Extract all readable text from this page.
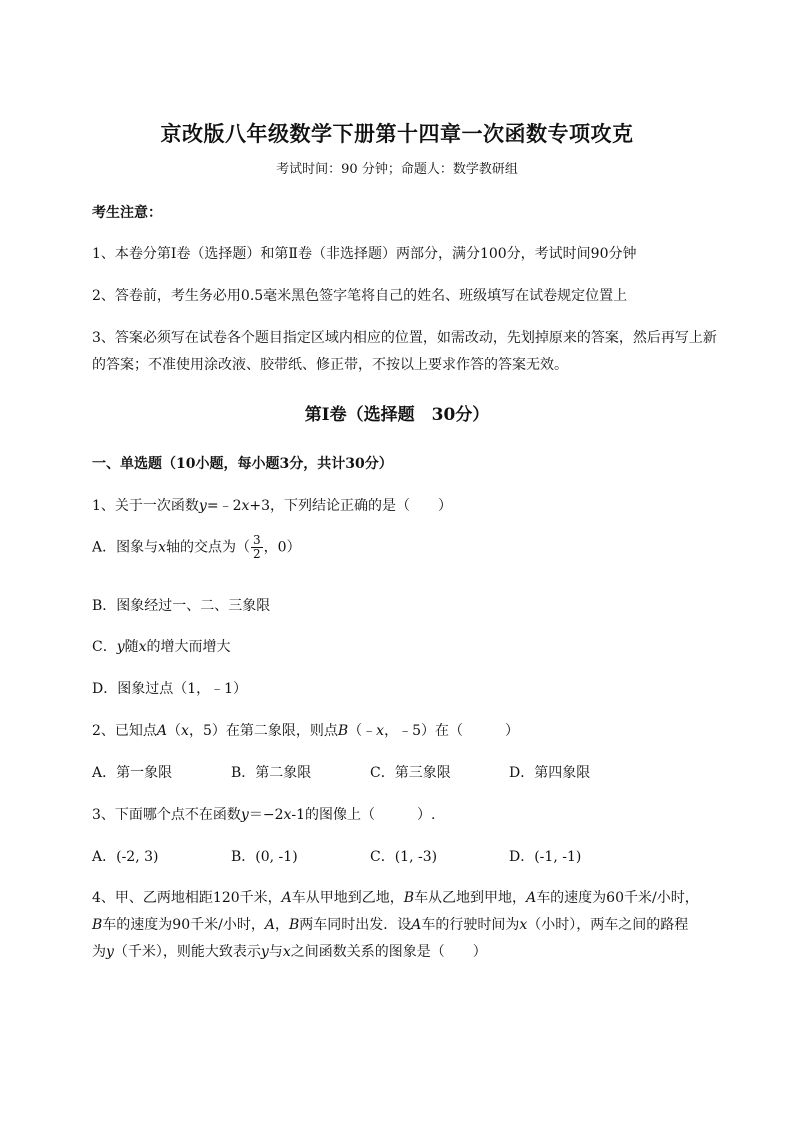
京改版八年级数学下册第十四章一次函数专项攻克
考试时间：90 分钟；命题人：数学教研组
考生注意：
1、本卷分第Ⅰ卷（选择题）和第Ⅱ卷（非选择题）两部分，满分100分，考试时间90分钟
2、答卷前，考生务必用0.5毫米黑色签字笔将自己的姓名、班级填写在试卷规定位置上
3、答案必须写在试卷各个题目指定区域内相应的位置，如需改动，先划掉原来的答案，然后再写上新
的答案；不准使用涂改液、胶带纸、修正带，不按以上要求作答的答案无效。
第Ⅰ卷（选择题　30分）
一、单选题（10小题，每小题3分，共计30分）
1、关于一次函数y=﹣2x+3，下列结论正确的是（　　）
A．图象与x轴的交点为（ $\frac{3}{2}$ ，0）
B．图象经过一、二、三象限
C．y随x的增大而增大
D．图象过点（1，﹣1）
2、已知点A（x，5）在第二象限，则点B（﹣x，﹣5）在（　　　）
A．第一象限	B．第二象限	C．第三象限	D．第四象限
3、下面哪个点不在函数y＝−2x-1的图像上（　　　）.
A．(-2, 3)	B．(0, -1)	C．(1, -3)	D．(-1, -1)
4、甲、乙两地相距120千米，A车从甲地到乙地，B车从乙地到甲地，A车的速度为60千米/小时，
B车的速度为90千米/小时，A，B两车同时出发．设A车的行驶时间为x（小时），两车之间的路程
为y（千米），则能大致表示y与x之间函数关系的图象是（　　）
